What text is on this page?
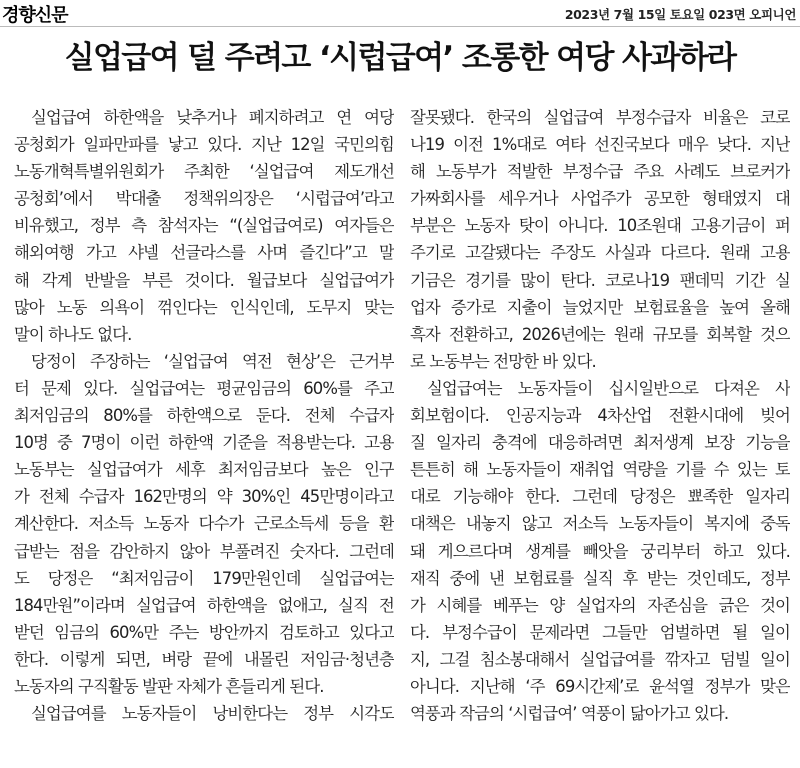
경향신문	2023년 7월 15일 토요일 023면 오피니언
실업급여 덜 주려고 ‘시럽급여’ 조롱한 여당 사과하라
실업급여 하한액을 낮추거나 폐지하려고 연 여당
공청회가 일파만파를 낳고 있다. 지난 12일 국민의힘
노동개혁특별위원회가 주최한 ‘실업급여 제도개선
공청회’에서 박대출 정책위의장은 ‘시럽급여’라고
비유했고, 정부 측 참석자는 “(실업급여로) 여자들은
해외여행 가고 샤넬 선글라스를 사며 즐긴다”고 말
해 각계 반발을 부른 것이다. 월급보다 실업급여가
많아 노동 의욕이 꺾인다는 인식인데, 도무지 맞는
말이 하나도 없다.
당정이 주장하는 ‘실업급여 역전 현상’은 근거부
터 문제 있다. 실업급여는 평균임금의 60%를 주고
최저임금의 80%를 하한액으로 둔다. 전체 수급자
10명 중 7명이 이런 하한액 기준을 적용받는다. 고용
노동부는 실업급여가 세후 최저임금보다 높은 인구
가 전체 수급자 162만명의 약 30%인 45만명이라고
계산한다. 저소득 노동자 다수가 근로소득세 등을 환
급받는 점을 감안하지 않아 부풀려진 숫자다. 그런데
도 당정은 “최저임금이 179만원인데 실업급여는
184만원”이라며 실업급여 하한액을 없애고, 실직 전
받던 임금의 60%만 주는 방안까지 검토하고 있다고
한다. 이렇게 되면, 벼랑 끝에 내몰린 저임금·청년층
노동자의 구직활동 발판 자체가 흔들리게 된다.
실업급여를 노동자들이 낭비한다는 정부 시각도
잘못됐다. 한국의 실업급여 부정수급자 비율은 코로
나19 이전 1%대로 여타 선진국보다 매우 낮다. 지난
해 노동부가 적발한 부정수급 주요 사례도 브로커가
가짜회사를 세우거나 사업주가 공모한 형태였지 대
부분은 노동자 탓이 아니다. 10조원대 고용기금이 퍼
주기로 고갈됐다는 주장도 사실과 다르다. 원래 고용
기금은 경기를 많이 탄다. 코로나19 팬데믹 기간 실
업자 증가로 지출이 늘었지만 보험료율을 높여 올해
흑자 전환하고, 2026년에는 원래 규모를 회복할 것으
로 노동부는 전망한 바 있다.
실업급여는 노동자들이 십시일반으로 다져온 사
회보험이다. 인공지능과 4차산업 전환시대에 빚어
질 일자리 충격에 대응하려면 최저생계 보장 기능을
튼튼히 해 노동자들이 재취업 역량을 기를 수 있는 토
대로 기능해야 한다. 그런데 당정은 뾰족한 일자리
대책은 내놓지 않고 저소득 노동자들이 복지에 중독
돼 게으르다며 생계를 빼앗을 궁리부터 하고 있다.
재직 중에 낸 보험료를 실직 후 받는 것인데도, 정부
가 시혜를 베푸는 양 실업자의 자존심을 긁은 것이
다. 부정수급이 문제라면 그들만 엄벌하면 될 일이
지, 그걸 침소봉대해서 실업급여를 깎자고 덤빌 일이
아니다. 지난해 ‘주 69시간제’로 윤석열 정부가 맞은
역풍과 작금의 ‘시럽급여’ 역풍이 닮아가고 있다.
